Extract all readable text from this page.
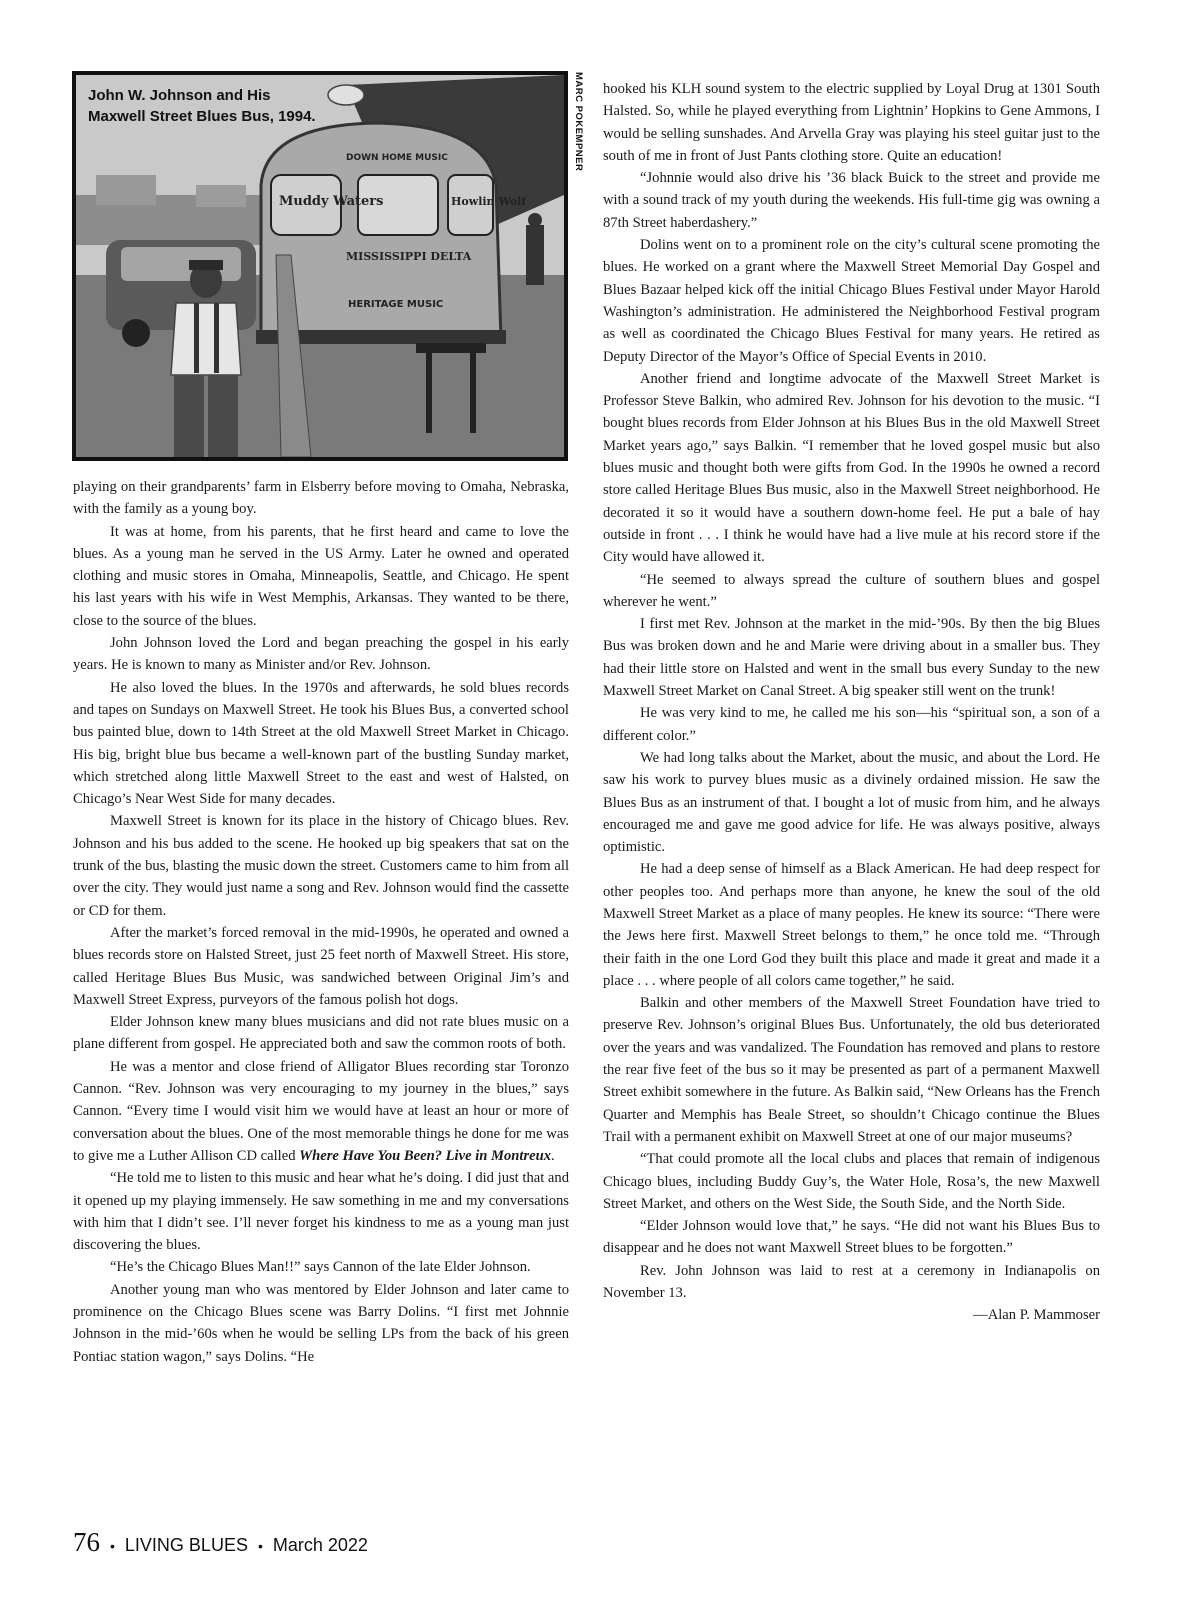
Muddy Waters	Howlin Wolf
DOWN HOME MUSIC
MISSISSIPPI DELTA
HERITAGE MUSIC
John W. Johnson and His Maxwell Street Blues Bus, 1994.	MARC POKEMPNER

playing on their grandparents’ farm in Elsberry before moving to Omaha, Nebraska, with the family as a young boy.

It was at home, from his parents, that he first heard and came to love the blues. As a young man he served in the US Army. Later he owned and operated clothing and music stores in Omaha, Minneapolis, Seattle, and Chicago. He spent his last years with his wife in West Memphis, Arkansas. They wanted to be there, close to the source of the blues.

John Johnson loved the Lord and began preaching the gospel in his early years. He is known to many as Minister and/or Rev. Johnson.

He also loved the blues. In the 1970s and afterwards, he sold blues records and tapes on Sundays on Maxwell Street. He took his Blues Bus, a converted school bus painted blue, down to 14th Street at the old Maxwell Street Market in Chicago. His big, bright blue bus became a well-known part of the bustling Sunday market, which stretched along little Maxwell Street to the east and west of Halsted, on Chicago’s Near West Side for many decades.

Maxwell Street is known for its place in the history of Chicago blues. Rev. Johnson and his bus added to the scene. He hooked up big speakers that sat on the trunk of the bus, blasting the music down the street. Customers came to him from all over the city. They would just name a song and Rev. Johnson would find the cassette or CD for them.

After the market’s forced removal in the mid-1990s, he operated and owned a blues records store on Halsted Street, just 25 feet north of Maxwell Street. His store, called Heritage Blues Bus Music, was sandwiched between Original Jim’s and Maxwell Street Express, purveyors of the famous polish hot dogs.

Elder Johnson knew many blues musicians and did not rate blues music on a plane different from gospel. He appreciated both and saw the common roots of both.

He was a mentor and close friend of Alligator Blues recording star Toronzo Cannon. “Rev. Johnson was very encouraging to my journey in the blues,” says Cannon. “Every time I would visit him we would have at least an hour or more of conversation about the blues. One of the most memorable things he done for me was to give me a Luther Allison CD called Where Have You Been? Live in Montreux.

“He told me to listen to this music and hear what he’s doing. I did just that and it opened up my playing immensely. He saw something in me and my conversations with him that I didn’t see. I’ll never forget his kindness to me as a young man just discovering the blues.

“He’s the Chicago Blues Man!!” says Cannon of the late Elder Johnson.

Another young man who was mentored by Elder Johnson and later came to prominence on the Chicago Blues scene was Barry Dolins. “I first met Johnnie Johnson in the mid-’60s when he would be selling LPs from the back of his green Pontiac station wagon,” says Dolins. “He

hooked his KLH sound system to the electric supplied by Loyal Drug at 1301 South Halsted. So, while he played everything from Lightnin’ Hopkins to Gene Ammons, I would be selling sunshades. And Arvella Gray was playing his steel guitar just to the south of me in front of Just Pants clothing store. Quite an education!

“Johnnie would also drive his ’36 black Buick to the street and provide me with a sound track of my youth during the weekends. His full-time gig was owning a 87th Street haberdashery.”

Dolins went on to a prominent role on the city’s cultural scene promoting the blues. He worked on a grant where the Maxwell Street Memorial Day Gospel and Blues Bazaar helped kick off the initial Chicago Blues Festival under Mayor Harold Washington’s administration. He administered the Neighborhood Festival program as well as coordinated the Chicago Blues Festival for many years. He retired as Deputy Director of the Mayor’s Office of Special Events in 2010.

Another friend and longtime advocate of the Maxwell Street Market is Professor Steve Balkin, who admired Rev. Johnson for his devotion to the music. “I bought blues records from Elder Johnson at his Blues Bus in the old Maxwell Street Market years ago,” says Balkin. “I remember that he loved gospel music but also blues music and thought both were gifts from God. In the 1990s he owned a record store called Heritage Blues Bus music, also in the Maxwell Street neighborhood. He decorated it so it would have a southern down-home feel. He put a bale of hay outside in front . . . I think he would have had a live mule at his record store if the City would have allowed it.

“He seemed to always spread the culture of southern blues and gospel wherever he went.”

I first met Rev. Johnson at the market in the mid-’90s. By then the big Blues Bus was broken down and he and Marie were driving about in a smaller bus. They had their little store on Halsted and went in the small bus every Sunday to the new Maxwell Street Market on Canal Street. A big speaker still went on the trunk!

He was very kind to me, he called me his son—his “spiritual son, a son of a different color.”

We had long talks about the Market, about the music, and about the Lord. He saw his work to purvey blues music as a divinely ordained mission. He saw the Blues Bus as an instrument of that. I bought a lot of music from him, and he always encouraged me and gave me good advice for life. He was always positive, always optimistic.

He had a deep sense of himself as a Black American. He had deep respect for other peoples too. And perhaps more than anyone, he knew the soul of the old Maxwell Street Market as a place of many peoples. He knew its source: “There were the Jews here first. Maxwell Street belongs to them,” he once told me. “Through their faith in the one Lord God they built this place and made it great and made it a place . . . where people of all colors came together,” he said.

Balkin and other members of the Maxwell Street Foundation have tried to preserve Rev. Johnson’s original Blues Bus. Unfortunately, the old bus deteriorated over the years and was vandalized. The Foundation has removed and plans to restore the rear five feet of the bus so it may be presented as part of a permanent Maxwell Street exhibit somewhere in the future. As Balkin said, “New Orleans has the French Quarter and Memphis has Beale Street, so shouldn’t Chicago continue the Blues Trail with a permanent exhibit on Maxwell Street at one of our major museums?

“That could promote all the local clubs and places that remain of indigenous Chicago blues, including Buddy Guy’s, the Water Hole, Rosa’s, the new Maxwell Street Market, and others on the West Side, the South Side, and the North Side.

“Elder Johnson would love that,” he says. “He did not want his Blues Bus to disappear and he does not want Maxwell Street blues to be forgotten.”

Rev. John Johnson was laid to rest at a ceremony in Indianapolis on November 13.

—Alan P. Mammoser

76 • LIVING BLUES • March 2022
